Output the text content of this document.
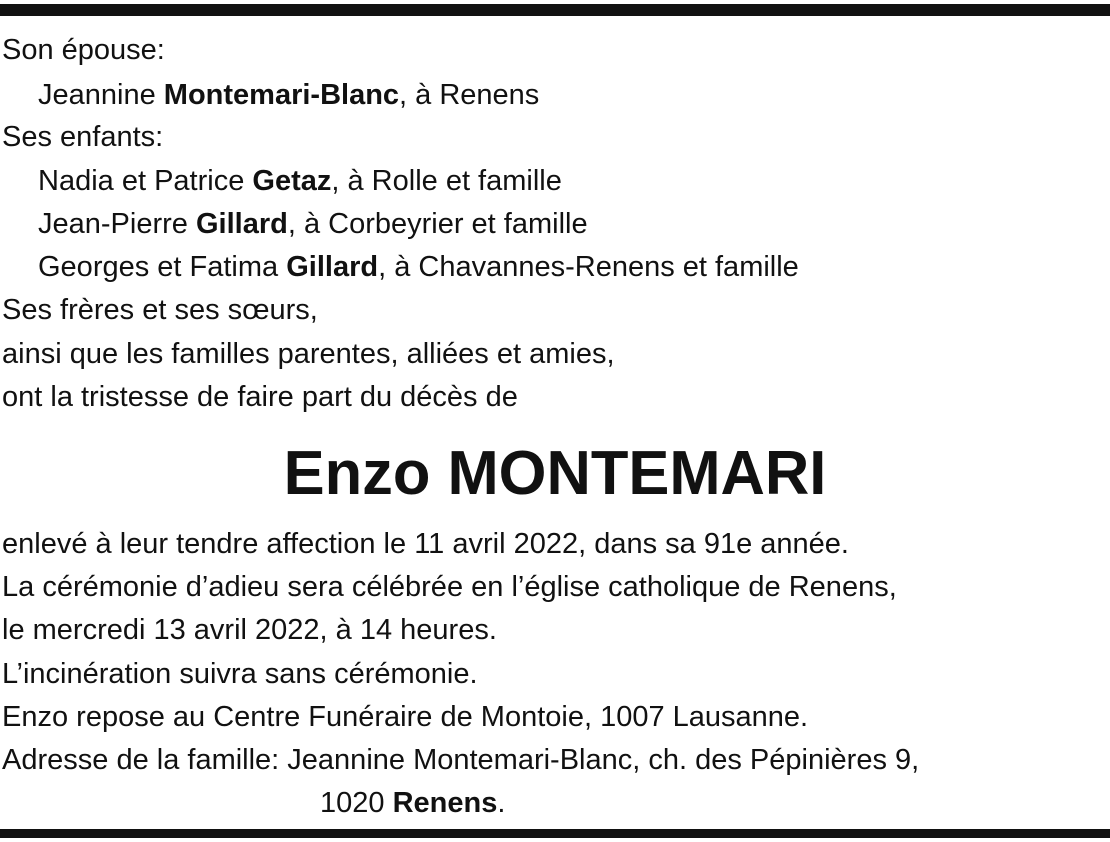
Son épouse:
Jeannine Montemari-Blanc, à Renens
Ses enfants:
Nadia et Patrice Getaz, à Rolle et famille
Jean-Pierre Gillard, à Corbeyrier et famille
Georges et Fatima Gillard, à Chavannes-Renens et famille
Ses frères et ses sœurs,
ainsi que les familles parentes, alliées et amies,
ont la tristesse de faire part du décès de
Enzo MONTEMARI
enlevé à leur tendre affection le 11 avril 2022, dans sa 91e année.
La cérémonie d’adieu sera célébrée en l’église catholique de Renens,
le mercredi 13 avril 2022, à 14 heures.
L’incinération suivra sans cérémonie.
Enzo repose au Centre Funéraire de Montoie, 1007 Lausanne.
Adresse de la famille: Jeannine Montemari-Blanc, ch. des Pépinières 9,
1020 Renens.
